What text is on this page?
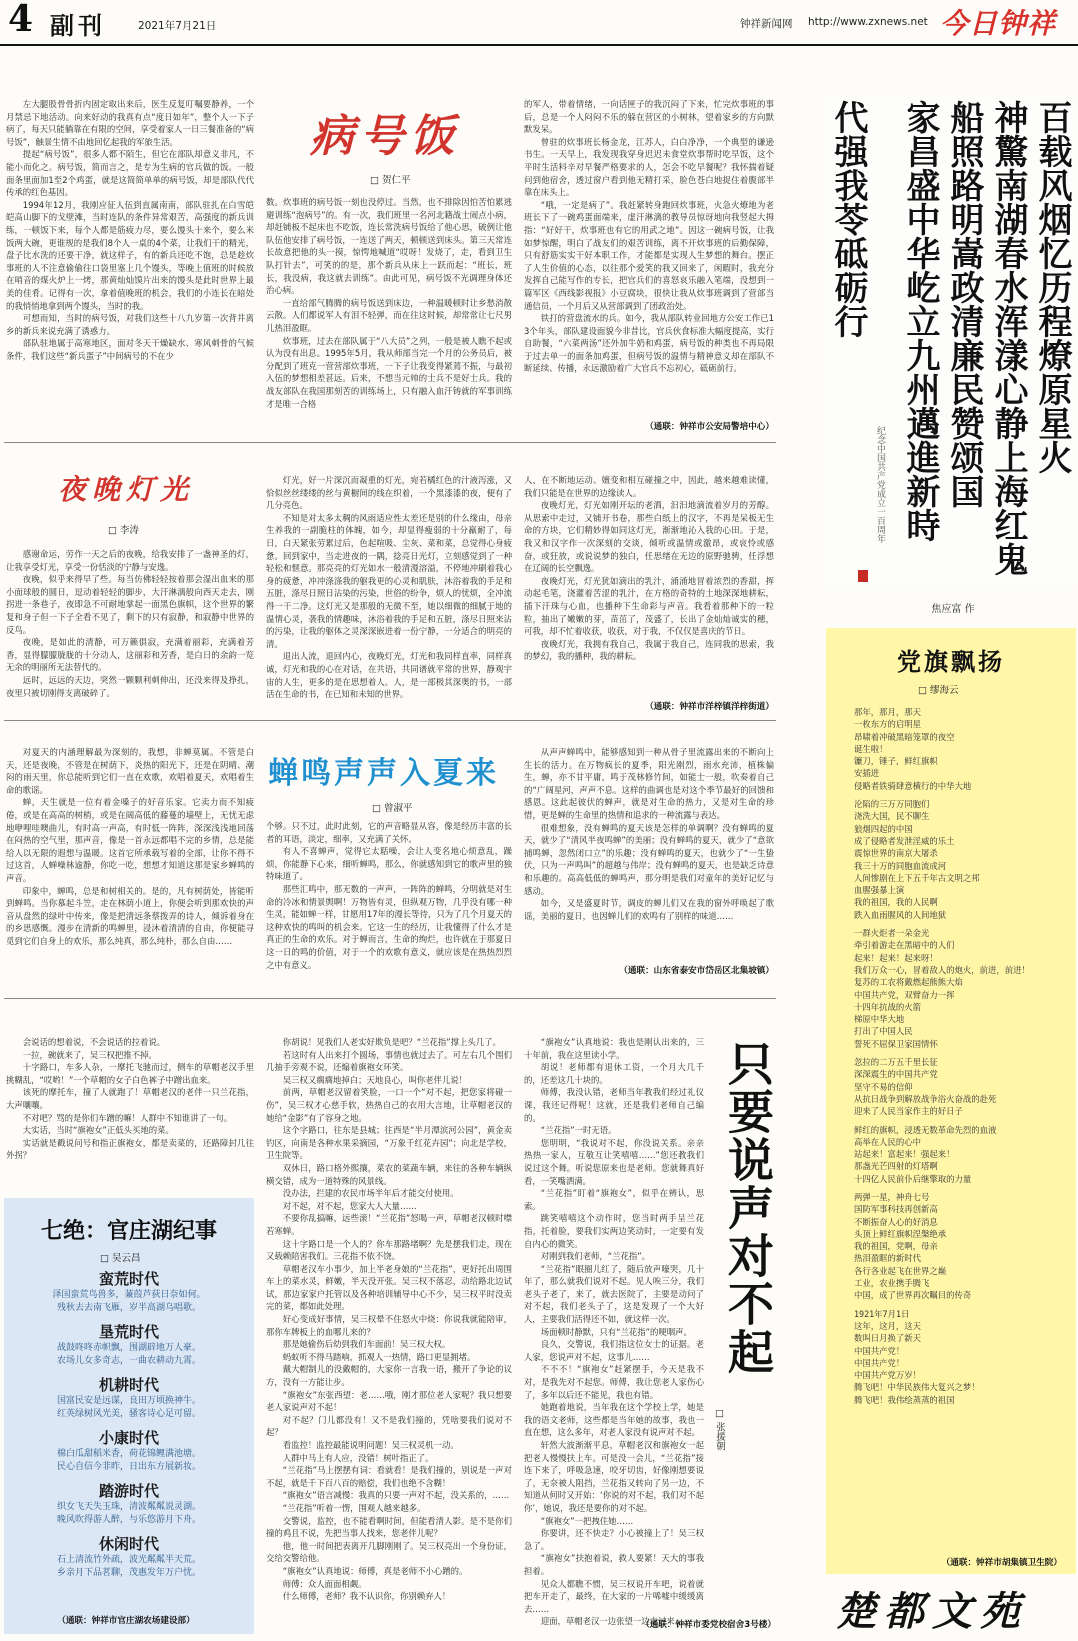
4 副刊	2021年7月21日	钟祥新闻网 http://www.zxnews.net 今日钟祥
病号饭
□ 贺仁平

左大腿股骨骨折内固定取出来后，医生反复叮嘱要静养，一个月禁忌下地活动。向来好动的我真有点“度日如年”，整个人一下子病了，每天只能躺靠在有限的空间，享受着家人一日三餐准备的“病号饭”，触景生情不由地回忆起我的军旅生活。

提起“病号饭”，很多人都不陌生，但它在部队却意义非凡，不能小而化之。病号饭，简而言之，是专为生病的官兵做的饭。一般面条里面加1至2个鸡蛋，就是这简简单单的病号饭，却是部队代代传承的红色基因。

1994年12月，我刚应征人伍到直属南南，部队驻扎在白雪皑皑高山脚下的戈壁滩，当时连队的条件异常艰苦，高强度的新兵训练，一顿饭下来，每个人都是筋疲力尽，要么馒头十来个，要么米饭两大碗，更谁规的是我们8个人一桌的4个菜，让我们干的精光，盘子比水洗的还要干净，就这样子，有的新兵还吃不饱，总是趁炊事班的人不注意偷偷往口袋里塞上几个馒头，等晚上值班的时候放在哨音的煤火炉上一烤，那黄灿灿馍片出来的馒头是此时世界上最美的佳肴。记得有一次，拿着值晚班的机会，我们的小连长在暗处的我悄悄地拿到两个馒头，当时的我。

可想而知，当时的病号饭，对我们这些十八九岁第一次背井离乡的新兵来说充满了诱惑力。

部队驻地属于高寒地区，面对冬天干燥缺水、寒风刺骨的气候条件，我们这些“新兵蛋子”中间病号的不在少

数。炊事班的病号饭一刻也没停过。当然，也不排除因怕苦怕累逃避训练“泡病号”的。有一次，我们班里一名河北籍战士闹点小病，却赶铺板不起床也不吃饭，连长常洗病号饭给了他心思，破例让他队伍他安排了病号饭，一连送了两天，顿顿送到床头。第三天常连长故意把他的头一摸，惊愕地喊道“哎呀！发烧了，走，看到卫生队打针去”，可笑的的是，那个新兵从床上一跃而起：“班长，班长，我没病，我这就去训练”。由此可见，病号饭不光调理身体还治心病。

一直给部气腾腾的病号饭送到床边，一种温暖顿时让乡愁消散云散。人们都说军人有泪不轻弹，而在往这时候，却常常让七尺男儿热泪盈眶。

炊事班，过去在部队属于“八大员”之列，一般是被人瞧不起或认为没有出息。1995年5月，我从师部当完一个月的公务员后，被分配到了班克一营营部炊事班，一下子让我变得紧蔫不振，与最初入伍的梦想相差甚远。后来，不想当元帅的士兵不是好士兵。我的战友部队在我国那刻苦的训练场上，只有融入血汗铸就的军事训练才是唯一合格

的军人，带着情绪，一向话匣子的我沉闷了下来，忙完炊事班的事后，总是一个人闷闷不乐的躲在营区的小树林，望着家乡的方向默默发呆。

曾驻的炊事班长杨金龙，江苏人，白白净净，一个典型的谦逊书生。一天早上，我发现我穿身迟迟未食堂炊事帮时吃早饭，这个平时生活料辛对早餐严格要求的人，怎会不吃早餐呢？我怀揣着疑问到他宿舍，透过窗户看到他无精打采，脸色苍白地捉住着腹部半靠在床头上。

“哦，一定是病了”。我赶紧转身跑回炊事班，火急火燎地为老班长下了一碗鸡蛋面端来，虚汗淋漓的教导员惊讶地向我竖起大拇指：“好好干，炊事班也有它的用武之地”。因这一碗病号饭，让我如梦惊醒，明白了战友们的艰苦训练，离不开炊事班的后勤保障，只有舒筋实实干好本职工作，才能都是实现人生梦想的舞台。摆正了人生价值的心态，以往那个爱笑的我又回来了，闲暇时，我充分发挥自己能写作的专长，把官兵们的喜怒哀乐融入笔端，没想到一篇军区《西线影视报》小豆腐块，很快让我从炊事班调到了营部当通信员，一个月后又从营部调到了团政治处。

铁打的营盘流水的兵。如今，我从部队转业回地方公安工作已13个年头，部队建设面貌今非昔比，官兵伙食标准大幅度提高，实行自助餐，“六菜两汤”还外加牛奶和鸡蛋，病号饭的种类也不再局限于过去单一的面条加鸡蛋，但病号饭的温情与精神意义却在部队不断延续、传播，永远激励着广大官兵不忘初心，砥砺前行。

（通联：钟祥市公安局警培中心）
夜晚灯光
□ 李涛

感谢命运，劳作一天之后的夜晚，给我安排了一盏神圣的灯，让我享受灯光，享受一份恬淡的宁静与安逸。

夜晚，似乎来得早了些。每当仿佛轻轻按着那会湿出血来的那小面球般的圆日，逗动着轻轻的脚步，大汗淋漓般向西天走去，刚拐进一条巷子，夜即急不可耐地掌起一面黑色旗帜，这个世界的繁复和身子但一下子全看不见了，剩下的只有寂静，和寂静中世界的反鸟。

夜晚，是如此的清静，可万籁俱寂，充满着丽彩，充满着芳香，显得朦朦胧胧的十分动人，这丽彩和芳香，是白日的余韵一览无余的明丽所无法替代的。

远时，远远的天边，突然一颗颗利刺伸出，还没来得及挣扎，夜里只被切刚得支离破碎了。

灯光，好一片深沉而凝重的灯光，宛若橘红色的汁液泻涨，又恰似丝丝缕缕的丝与黄橱间的线在织着，一个黑漆漆的夜，便有了几分亮色。

不知是对太多太稠的风雨适应性太差还是别的什么缘由，母亲生养我的一副脆柱的体魄，如今，却显得瘦弱的十分羸耐了，每日，白天紧张劳累过后，色起喧吸、尘灰、菜和菜，总觉得心身疲惫。回到家中，当走进夜的一隅，捻亮日光灯，立刻感觉到了一种轻松和惬意。那亮亮的灯光如水一般清漫溶溢，不停地冲刷着我心身的疲惫，冲冲涤涤我的躯我更的心灵和肌肤，沐浴着我的手足和五脏，涤尽日照日沾染的污染，世俗的纷争，烦人的忧烦，全冲流得一干二净。这灯光又是那般的无微不至，她以细微的细腻于地的温情心灵，袭我的情趣味，沐浴着我的手足和五脏，涤尽日照来沾的污染，让我的躯体之灵深深嵌进着一份宁静，一分适合的明亮的清。

退出人流，退回内心，夜晚灯光，灯光和我同样直率，同样真诚，灯光和我的心在对话，在共语，共同谱就平常的世界，静观宇宙的人生，更多的是在思想着人。人，是一部极其深奥的书，一部活在生命的书，在已知和未知的世界。

人，在不断地运动、嬗变和相互碰撞之中，因此，越来越难读懂，我们只能是在世界的边缘读人。

夜晚灯光，灯光如刚开坛的老酒，汩汩地滴流着岁月的芳醇。从思索中走过，又铺开书卷，那些白纸上的汉字，不再是呆板无生命的方块，它们精妙得如同这灯光，渐渐地沁入我的心田。于是，我又和汉字作一次深刻的交谈，倾听或温情或激昂，或哀怜或感奋，或狂放，或说说梦的独白，任思绪在无边的原野驰骋，任浮想在辽阔的长空飘逸。

夜晚灯光，灯光犹如滴出的乳汁，涌涌地冒着浓烈的香甜，挥动起毛笔，浇灌着苦涩的乳汁，在方格的奇特的土地深深地耕耘，插下汗珠与心血，也播种下生命彩与声音。我看着那种下的一粒粒，抽出了嫩嫩的芽，苗茁了，茂盛了，长出了金灿灿诚实的穗，可我，却不忙着收获，收获，对于我，不仅仅是喜庆的节日。

夜晚灯光，我拥有我自己，我属于我自己，连同我的思索，我的梦幻，我的播种，我的耕耘。

（通联：钟祥市洋梓镇洋梓街道）
蝉鸣声声入夏来
□ 曾淑平

对夏天的内涵理解最为深刻的，我想，非蝉莫属。不管是白天，还是夜晚，不管是在树荫下，炎热的阳光下，还是在阴晴、潮闷的雨天里，你总能听到它们一直在欢歌，欢唱着夏天，欢唱着生命的歌谣。

蝉，天生就是一位有着金嗓子的好音乐家。它卖力而不知疲倦，或是在高高的树梢，或是在阔高低的藤蔓的墙壁上，无忧无虑地咿哩哇噢曲儿，有时高一声高，有时低一阵阵，深深浅浅地回荡在闷热的空气里，那声音，像是一首永远都唱不完的乡情，总是能给人以无限的遐想与温暖。这首它所承载写着的全部，让你不得不过这首，人蝉噪林逾静，你吃一吃，想想才知道这那是家乡蝉鸣的声音。

印象中，蝉鸣，总是和树相关的。是的，凡有树荫处，皆能听到蝉鸣。当你慕起斗笠，走在林荫小道上，你便会听到那欢快的声音从盘然的绿叶中传来，像是把清远条蔡拨弄的诗人，倾诉着身在的乡思感慨。漫步在清新的鸣蝉里，浸沐着清清的自由，你便能寻觅到它们自身上的欢乐，那么纯真，那么纯朴，那么自由……

个够。只不过，此时此刻，它的声音略显从容，像是经历丰富的长者的耳语，淡定，细率，又充满了关怀。

有人不喜蝉声，觉得它太聒噪，会让人变名地心烦意乱，躁烦，你能静下心来，细听蝉鸣，那么，你就感知到它的歌声里的独特味道了。

那些汇鸣中，那无数的一声声，一阵阵的蝉鸣，分明就是对生命的冷冰和情景舆啊！万物皆有灵，但纵观万物，几乎没有哪一种生灵，能如蝉一样，甘愿用17年的漫长等待，只为了几个月夏天的这种欢快的鸣叫的机会来。它这一生的经历，让我懂得了什么才是真正的生命的欢乐。对于蝉而言，生命的绚烂，也许就在于那夏日这一日的鸣的价值，对于一个的欢歌有意义，就应该是在热热烈烈之中有意义。

从声声蝉鸣中，能够感知到一种从骨子里流露出来的不断向上生长的活力。在万物疯长的夏季，阳光刚烈，雨水充沛，植株偏生，蝉，亦不甘平庸，鸣于茂林修竹间，如能士一般，吹奏着自己的“广阔星河，声声不息。这样的曲调也是对这个季节最好的回馈和感恩。这此起彼伏的蝉声，就是对生命的热力，又是对生命的珍惜，更是蝉的生命里的热情和追求的一种流露与表达。

很难想象，没有蝉鸣的夏天该是怎样的单调啊？没有蝉鸣的夏天，就少了“清风半夜鸣蝉”的美丽；没有蝉鸣的夏天，就少了“意欲捕鸣蝉，忽然闭口立”的乐趣；没有蝉鸣的夏天，也就少了“一生蛰伏，只为一声鸣叫”的超越与伟岸；没有蝉鸣的夏天，也是缺乏诗意和乐趣的。高高低低的蝉鸣声，那分明是我们对童年的美好记忆与感动。

如今，又是盛夏时节，调皮的蝉儿们又在我的窗外呼唤起了歌谣，美丽的夏日，也因蝉儿们的欢鸣有了别样的味道……

（通联：山东省泰安市岱岳区北集坡镇）

会说话的想着说，不会说话的拉着说。

一拉，碗就来了，吴三权把推不掉。

十字路口，车多人杂，一摩托飞驰而过，侧车的草帽老汉手里挑糊乱，“哎哟！”一个草帽的女子白色裤子中蹭出血来。

该死的摩托车，撞了人就跑了！草帽老汉的老伴一只兰花指，大声嚷嚷。

不对吧？骂的是你们车蹭的嘛！人群中不知谁讲了一句。

大实话，当时“旗袍女”正低头买地的菜。

实话就是戳说问号和指正旗袍女，都是卖菜的，还路障封几往外拐？

你胡说！见我们人老实好欺负是吧？“兰花指”撑上头几了。

若这时有人出来打个圆场，事情也就过去了。可左右几个围们几抽手旁观不说，还煽着旗袍女环笑。

吴三权又瘸瘸地掉白；天地良心，叫你老伴儿说！

前两，草帽老汉留着笑脸，一口一个“对不起，把您家将碰一伤”，吴三权才心慈手软，热热自己的衣用大言地，让草帽老汉的她给“金影”有了容身之地。

这个字路口，往东是县城；往西是“半月潭滨河公园”，黄金卖钓区，向南是各种水果采摘园，“万象千红花卉园”；向北是学校，卫生院等。

双休日，路口格外熙攘，菜农的菜蔬车辆，来往的各种车辆纵横交错，成为一道特殊的风景线。

没办法，拦建的农民市场半年后才能交付使用。

对不起，对不起，您家大人大量……

不要你乱搞嘛，远些滚！“兰花指”怒喝一声，草帽老汉顿时噤若寒蝉。

这十字路口是一个人的？你车那路堵啊？先是摆我们走，现在又载赖陪害我们。三花指不依不饶。

草帽老汉车小事少，加上半老身娘的“兰花指”，更好托出周围车上的菜水灵，鲜嫩，半天没开张。吴三权不落忍，动给路北边试试，那边家家户托管以及各种培训辅导中心不少，吴三权平时没卖完的菜，都如此处理。

好心变成好事情，吴三权晕不住怒火中烧：你说我就能陪审，那你车牌板上的血哪儿来的？

那是她偷伤后幼到我们车面前！吴三权大权。

蚂蚁听不得马踏响，抓观人一热情，路口更显拥堵。

戴大帽制儿的没戴帽的，大家你一言我一语，搬开了争论的议方，没有一方能让步。

“旗袍女”东张西望：老……哦，刚才那位老人家呢？我只想要老人家说声对不起！

对不起？门儿都没有！又不是我们撞的，凭啥要我们说对不起？

看监控！监控最能说明问题！吴三权灵机一动。

人群中马上有人应，没错！树叶指正了。

“兰花指”马上摆摆有词：看就看！是我们撞的，别说是一声对不起，就是千下百八百的赔偿，我们也绝不含糊！

“旗袍女”语言减慢：我真的只要一声对不起，没关系的，……

“兰花指”听着一愣，围观人越来越多。

交警说，监控，也不能看啊时间，但能看清人影。是不是你们撞的鸡且不说，先把当事人找来，您老伴儿呢？

他，他一时间把表离开几脚刚刚了。吴三权亮出一个身份证，交给交警给他。

“旗袍女”认真地说：师傅，真是老师不小心蹭的。

师傅：众人面面相觑。

什么师傅，老师？我不认识你，你别赖弃人！

“旗袍女”认真地说：我也是刚认出来的，三十年前，我在这里读小学。

胡说！老师都有退休工资，一个月大几千的，还差这几十块的。

师傅，我没认错，老师当年教我们经过礼仪课，我还记得呢！这就，还是我们老师自己编的。

“兰花指”一时无语。

您明明，“我说对不起，你没说关系。亲亲热热一家人，互敬互让笑嘻嘻……”您还教我们说过这个舞。听说您原来也是老师。您就舞真好看，一笑嘴洒满。

“兰花指”盯着“旗袍女”，似乎在辨认，思索。

跳笑嘻嘻这个动作时，您当时两手呈兰花指，托着脸，要我们实两边笑动时，一定要有发自内心的微笑。

对刚到我们老师，“兰花指”。

“兰花指”眼圈儿红了，随后放声嚎哭，几十年了，那么就我们说对不起。见人唉三分，我们老头子老了，来了，就去医院了，主要是动问了对不起，我们老头子了，这是发现了一个大好人，主要我们活得还不如，就这样一次。

场面顿时静默，只有“兰花指”的哽咽声。

良久，交警说，我们指这位女士的证据。老人家，您说声对不起，这事儿……

不不不！“旗袍女”赶紧摆手，今天是我不对，是我先对不起您。师傅，我让您老人家伤心了，多年以后还不能见，我也有错。

她跑着地说，当年我在这个学校上学，她是我的语文老师，这些都是当年她的故事，我也一直在想，这么多年，对老人家没有说声对不起。

轩然大波渐渐平息，草帽老汉和旗袍女一起把老人慢慢扶上车。可是没一会儿，“兰花指”接连下来了，呼吸急速，咬牙切齿，好像刚想要说了，无奈被人阻挡，兰花指又转向了另一边，不知道从何时又开始：‘你说的对不起，我们对不起你’，她说，我还是要你的对不起。

“旗袍女”一把拽住她……

你要讲，还不快走？小心被撞上了！吴三权急了。

“旗袍女”扶抱着说，救人要紧！天大的事我担着。

见众人都瞧不惯，吴三权说开车吧，说着就把车开走了，最终，在大家的一片唏嘘中缓缓离去……

迎面，草帽老汉一边张望一边走过来……

（通联：钟祥市委党校宿舍3号楼）
只要说声对不起
□ 张援朝
七绝：官庄湖纪事
□ 吴云昌
蛮荒时代
泽国蛮荒鸟兽多，蒹葭芦荻日奈如何。
残秋去去南飞雁，岁半高湖乌唱歌。
垦荒时代
战鼓咚咚赤帜飘，围湖辟地万人豪。
农场儿女多奇志，一曲农耕动九霄。
机耕时代
国富民安是远谋，良田万顷换神牛。
红英绿树风光美，骚客诗心足可留。
小康时代
棉白瓜甜稻米香，荷花锦鲤满池塘。
民心自信今非昨，日出东方展新妆。
踏游时代
织女飞天失玉珠，清波粼粼说灵湖。
晚风吹得游人醉，与乐悠游月下舟。
休闲时代
石上清流竹外疏，波光粼粼半天荒。
乡亲月下品茗聊，茂惠发年万户忧。
（通联：钟祥市官庄湖农场建设部）
百载风烟忆历程燎原星火
神驚南湖春水浑漾心静上海红鬼
船照路明嵩政清廉民赞颂国
家昌盛中华屹立九州邁進新時
代强我苓砥砺行
纪念中国共产党成立一百周年
焦应富 作
党旗飘扬
□ 缪海云
那年，那月，那天
一枚东方的启明星
昂啸着冲破黑暗笼罩的夜空
诞生啦！
镰刀，锤子，鲜红旗帜
安插进
侵略者铁骑肆意横行的中华大地
沦陷的三万万同胞们
浇洗大国，民不聊生
狼烟四起的中国
成了侵略者发泄淫威的乐土
震惊世界的南京大屠杀
我三十万的同胞血流成河
人间惨剧在上下五千年古文明之邦
血腥强暴上演
我的祖国，我的人民啊
跌入血雨腥风的人间地狱
一群火炬者一朵金光
牵引着游走在黑暗中的人们
起来！起来！起来呀！
我们万众一心，冒着敌人的炮火，前进，前进！
复苏的工农将戴燃起熊熊大焰
中国共产党，双臂奋力一挥
十四年抗战的火箭
梯原中华大地
打出了中国人民
誓死不屈保卫家国情怀
忽拉的二万五千里长征
深深震生的中国共产党
坚守不易的信仰
从抗日战争到解放战争浴火奋战的赴死
迎来了人民当家作主的好日子
鲜红的旗帜，浸透无数革命先烈的血液
高举在人民的心中
站起来！富起来！强起来！
那盏光芒四射的灯塔啊
十四亿人民前仆后继擎取的力量
两弹一星，神舟七号
国防军事科技再创新高
不断振奋人心的好消息
头顶上鲜红旗帜涅槃绝承
我的祖国，党啊，母亲
热泪盈眶的新时代
各行各业起飞在世界之巅
工业，农业携手腾飞
中国，成了世界再次瞩目的传奇
1921年7月1日
这年，这月，这天
数叫日月换了新天
中国共产党！
中国共产党！
中国共产党万岁！
腾飞吧！中华民族伟大复兴之梦！
腾飞吧！我伟绘蒸蒸的祖国
（通联：钟祥市胡集镇卫生院）
楚都文苑
